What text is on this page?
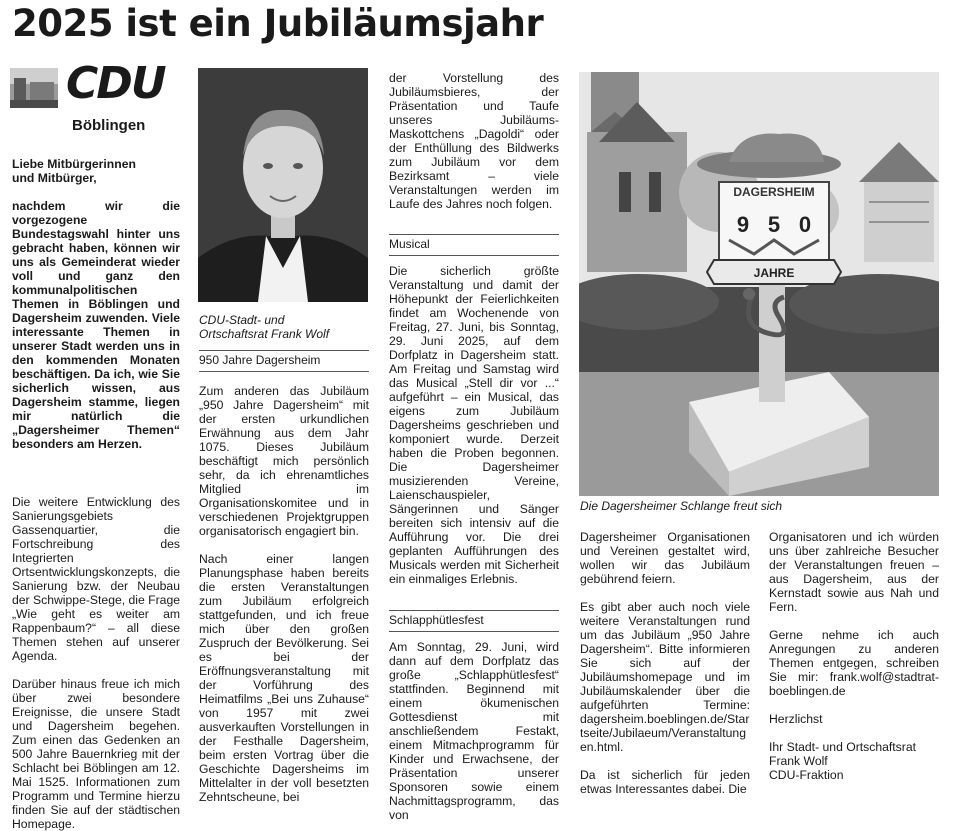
2025 ist ein Jubiläumsjahr

CDU

Böblingen

Liebe Mitbürgerinnen und Mitbürger,

nachdem wir die vorgezogene Bundestagswahl hinter uns gebracht haben, können wir uns als Gemeinderat wieder voll und ganz den kommunalpolitischen Themen in Böblingen und Dagersheim zuwenden. Viele interessante Themen in unserer Stadt werden uns in den kommenden Monaten beschäftigen. Da ich, wie Sie sicherlich wissen, aus Dagersheim stamme, liegen mir natürlich die „Dagersheimer Themen“ besonders am Herzen.

Die weitere Entwicklung des Sanierungsgebiets Gassenquartier, die Fortschreibung des Integrierten Ortsentwicklungskonzepts, die Sanierung bzw. der Neubau der Schwippe-Stege, die Frage „Wie geht es weiter am Rappenbaum?“ – all diese Themen stehen auf unserer Agenda.

Darüber hinaus freue ich mich über zwei besondere Ereignisse, die unsere Stadt und Dagersheim begehen. Zum einen das Gedenken an 500 Jahre Bauernkrieg mit der Schlacht bei Böblingen am 12. Mai 1525. Informationen zum Programm und Termine hierzu finden Sie auf der städtischen Homepage.

CDU-Stadt- und Ortschaftsrat Frank Wolf

950 Jahre Dagersheim

Zum anderen das Jubiläum „950 Jahre Dagersheim“ mit der ersten urkundlichen Erwähnung aus dem Jahr 1075. Dieses Jubiläum beschäftigt mich persönlich sehr, da ich ehrenamtliches Mitglied im Organisationskomitee und in verschiedenen Projektgruppen organisatorisch engagiert bin.

Nach einer langen Planungsphase haben bereits die ersten Veranstaltungen zum Jubiläum erfolgreich stattgefunden, und ich freue mich über den großen Zuspruch der Bevölkerung. Sei es bei der Eröffnungsveranstaltung mit der Vorführung des Heimatfilms „Bei uns Zuhause“ von 1957 mit zwei ausverkauften Vorstellungen in der Festhalle Dagersheim, beim ersten Vortrag über die Geschichte Dagersheims im Mittelalter in der voll besetzten Zehntscheune, bei

der Vorstellung des Jubiläumsbieres, der Präsentation und Taufe unseres Jubiläums-Maskottchens „Dagoldi“ oder der Enthüllung des Bildwerks zum Jubiläum vor dem Bezirksamt – viele Veranstaltungen werden im Laufe des Jahres noch folgen.

Musical

Die sicherlich größte Veranstaltung und damit der Höhepunkt der Feierlichkeiten findet am Wochenende von Freitag, 27. Juni, bis Sonntag, 29. Juni 2025, auf dem Dorfplatz in Dagersheim statt. Am Freitag und Samstag wird das Musical „Stell dir vor ...“ aufgeführt – ein Musical, das eigens zum Jubiläum Dagersheims geschrieben und komponiert wurde. Derzeit haben die Proben begonnen. Die Dagersheimer musizierenden Vereine, Laienschauspieler, Sängerinnen und Sänger bereiten sich intensiv auf die Aufführung vor. Die drei geplanten Aufführungen des Musicals werden mit Sicherheit ein einmaliges Erlebnis.

Schlapphütlesfest

Am Sonntag, 29. Juni, wird dann auf dem Dorfplatz das große „Schlapphütlesfest“ stattfinden. Beginnend mit einem ökumenischen Gottesdienst mit anschließendem Festakt, einem Mitmachprogramm für Kinder und Erwachsene, der Präsentation unserer Sponsoren sowie einem Nachmittagsprogramm, das von

DAGERSHEIM
9 5 0
JAHRE

Die Dagersheimer Schlange freut sich

Dagersheimer Organisationen und Vereinen gestaltet wird, wollen wir das Jubiläum gebührend feiern.

Es gibt aber auch noch viele weitere Veranstaltungen rund um das Jubiläum „950 Jahre Dagersheim“. Bitte informieren Sie sich auf der Jubiläumshomepage und im Jubiläumskalender über die aufgeführten Termine: dagersheim.boeblingen.de/Startseite/Jubilaeum/Veranstaltungen.html.

Da ist sicherlich für jeden etwas Interessantes dabei. Die

Organisatoren und ich würden uns über zahlreiche Besucher der Veranstaltungen freuen – aus Dagersheim, aus der Kernstadt sowie aus Nah und Fern.

Gerne nehme ich auch Anregungen zu anderen Themen entgegen, schreiben Sie mir: frank.wolf@stadtrat-boeblingen.de

Herzlichst

Ihr Stadt- und Ortschaftsrat

Frank Wolf

CDU-Fraktion
